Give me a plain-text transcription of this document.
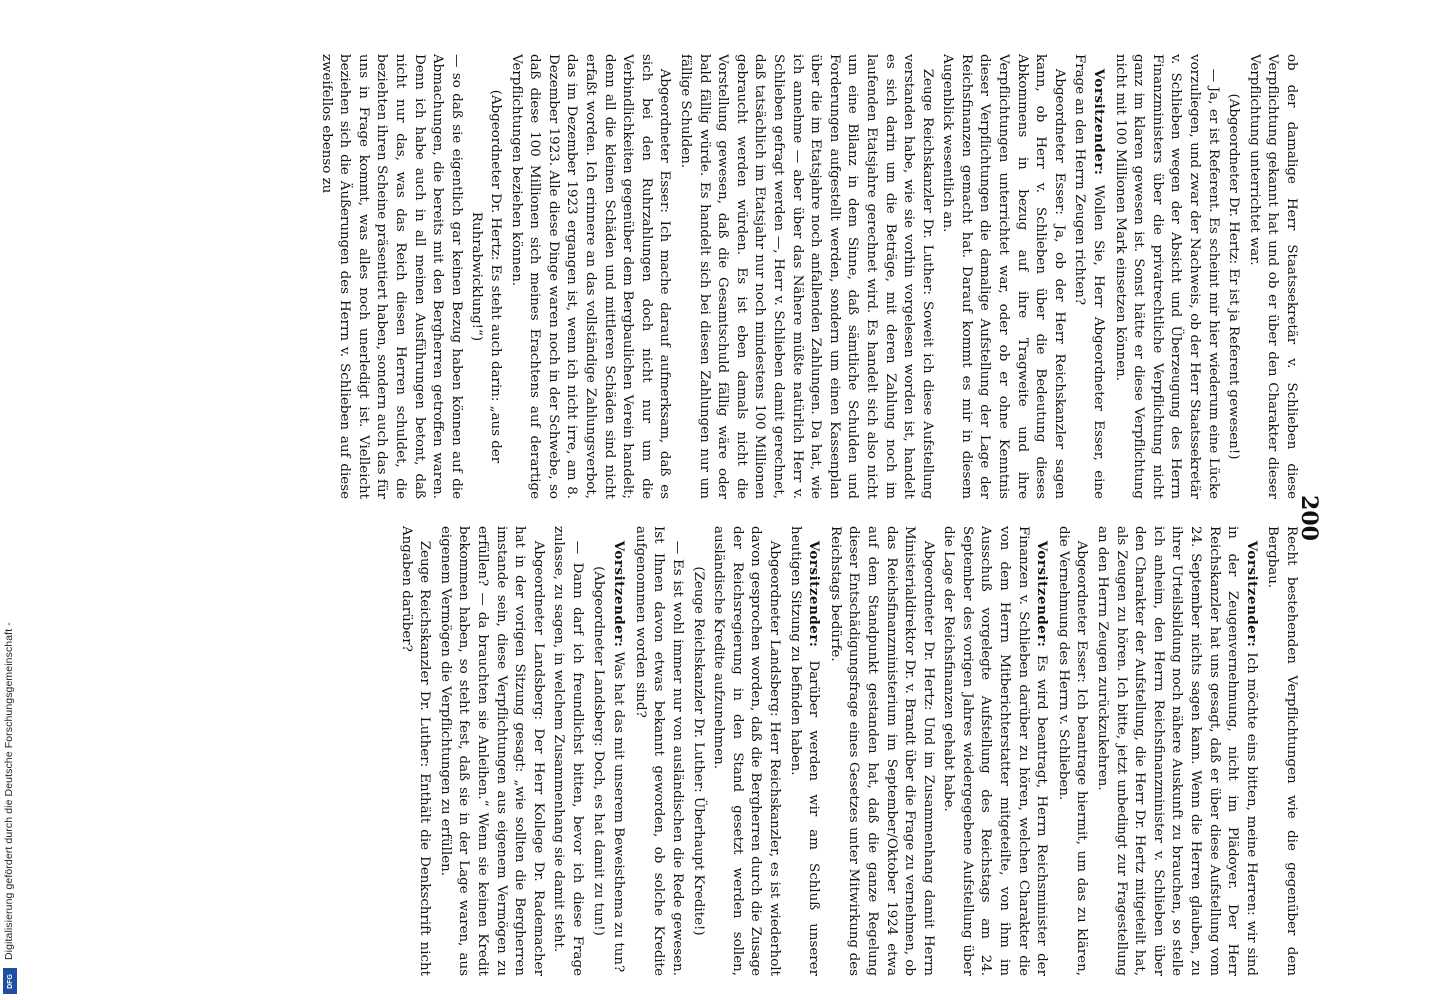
200

ob der damalige Herr Staatssekretär v. Schlieben diese Verpflichtung gekannt hat und ob er über den Charakter dieser Verpflichtung unterrichtet war.

(Abgeordneter Dr. Hertz: Er ist ja Referent gewesen!)

— Ja, er ist Referent. Es scheint mir hier wiederum eine Lücke vorzuliegen, und zwar der Nachweis, ob der Herr Staatssekretär v. Schlieben wegen der Absicht und Überzeugung des Herrn Finanzministers über die privatrechtliche Verpflichtung nicht ganz im klaren gewesen ist. Sonst hätte er diese Verpflichtung nicht mit 100 Millionen Mark einsetzen können.

Vorsitzender: Wollen Sie, Herr Abgeordneter Esser, eine Frage an den Herrn Zeugen richten?

Abgeordneter Esser: Ja, ob der Herr Reichskanzler sagen kann, ob Herr v. Schlieben über die Bedeutung dieses Abkommens in bezug auf ihre Tragweite und ihre Verpflichtungen unterrichtet war, oder ob er ohne Kenntnis dieser Verpflichtungen die damalige Aufstellung der Lage der Reichsfinanzen gemacht hat. Darauf kommt es mir in diesem Augenblick wesentlich an.

Zeuge Reichskanzler Dr. Luther: Soweit ich diese Aufstellung verstanden habe, wie sie vorhin vorgelesen worden ist, handelt es sich darin um die Beträge, mit deren Zahlung noch im laufenden Etatsjahre gerechnet wird. Es handelt sich also nicht um eine Bilanz in dem Sinne, daß sämtliche Schulden und Forderungen aufgestellt werden, sondern um einen Kassenplan über die im Etatsjahre noch anfallenden Zahlungen. Da hat, wie ich annehme — aber über das Nähere müßte natürlich Herr v. Schlieben gefragt werden —, Herr v. Schlieben damit gerechnet, daß tatsächlich im Etatsjahr nur noch mindestens 100 Millionen gebraucht werden würden. Es ist eben damals nicht die Vorstellung gewesen, daß die Gesamtschuld fällig wäre oder bald fällig würde. Es handelt sich bei diesen Zahlungen nur um fällige Schulden.

Abgeordneter Esser: Ich mache darauf aufmerksam, daß es sich bei den Ruhrzahlungen doch nicht nur um die Verbindlichkeiten gegenüber dem Bergbaulichen Verein handelt; denn all die kleinen Schäden und mittleren Schäden sind nicht erfaßt worden. Ich erinnere an das vollständige Zahlungsverbot, das im Dezember 1923 ergangen ist, wenn ich nicht irre, am 8. Dezember 1923. Alle diese Dinge waren noch in der Schwebe, so daß diese 100 Millionen sich meines Erachtens auf derartige Verpflichtungen beziehen können.

(Abgeordneter Dr. Hertz: Es steht auch darin: „aus der Ruhrabwicklung!“)

— so daß sie eigentlich gar keinen Bezug haben können auf die Abmachungen, die bereits mit den Bergherren getroffen waren. Denn ich habe auch in all meinen Ausführungen betont, daß nicht nur das, was das Reich diesen Herren schuldet, die beziehten ihren Scheine präsentiert haben, sondern auch das für uns in Frage kommt, was alles noch unerledigt ist. Vielleicht beziehen sich die Äußerungen des Herrn v. Schlieben auf diese zweifellos ebenso zu

Recht bestehenden Verpflichtungen wie die gegenüber dem Bergbau.

Vorsitzender: Ich möchte eins bitten, meine Herren: wir sind in der Zeugenvernehmung, nicht im Plädoyer. Der Herr Reichskanzler hat uns gesagt, daß er über diese Aufstellung vom 24. September nichts sagen kann. Wenn die Herren glauben, zu ihrer Urteilsbildung noch nähere Auskunft zu brauchen, so stelle ich anheim, den Herrn Reichsfinanzminister v. Schlieben über den Charakter der Aufstellung, die Herr Dr. Hertz mitgeteilt hat, als Zeugen zu hören. Ich bitte, jetzt unbedingt zur Fragestellung an den Herrn Zeugen zurückzukehren.

Abgeordneter Esser: Ich beantrage hiermit, um das zu klären, die Vernehmung des Herrn v. Schlieben.

Vorsitzender: Es wird beantragt, Herrn Reichsminister der Finanzen v. Schlieben darüber zu hören, welchen Charakter die von dem Herrn Mitberichterstatter mitgeteilte, von ihm im Ausschuß vorgelegte Aufstellung des Reichstags am 24. September des vorigen Jahres wiedergegebene Aufstellung über die Lage der Reichsfinanzen gehabt habe.

Abgeordneter Dr. Hertz: Und im Zusammenhang damit Herrn Ministerialdirektor Dr. v. Brandt über die Frage zu vernehmen, ob das Reichsfinanzministerium im September/Oktober 1924 etwa auf dem Standpunkt gestanden hat, daß die ganze Regelung dieser Entschädigungsfrage eines Gesetzes unter Mitwirkung des Reichstags bedürfe.

Vorsitzender: Darüber werden wir am Schluß unserer heutigen Sitzung zu befinden haben.

Abgeordneter Landsberg: Herr Reichskanzler, es ist wiederholt davon gesprochen worden, daß die Bergherren durch die Zusage der Reichsregierung in den Stand gesetzt werden sollen, ausländische Kredite aufzunehmen.

(Zeuge Reichskanzler Dr. Luther: Überhaupt Kredite!)

— Es ist wohl immer nur von ausländischen die Rede gewesen. Ist Ihnen davon etwas bekannt geworden, ob solche Kredite aufgenommen worden sind?

Vorsitzender: Was hat das mit unserem Beweisthema zu tun?

(Abgeordneter Landsberg: Doch, es hat damit zu tun!)

— Dann darf ich freundlichst bitten, bevor ich diese Frage zulasse, zu sagen, in welchem Zusammenhang sie damit steht.

Abgeordneter Landsberg: Der Herr Kollege Dr. Rademacher hat in der vorigen Sitzung gesagt: „wie sollten die Bergherren imstande sein, diese Verpflichtungen aus eigenem Vermögen zu erfüllen? — da brauchten sie Anleihen.“ Wenn sie keinen Kredit bekommen haben, so steht fest, daß sie in der Lage waren, aus eigenem Vermögen die Verpflichtungen zu erfüllen.

Zeuge Reichskanzler Dr. Luther: Enthält die Denkschrift nicht Angaben darüber?

Digitalisierung gefördert durch die Deutsche Forschungsgemeinschaft -
DFG
